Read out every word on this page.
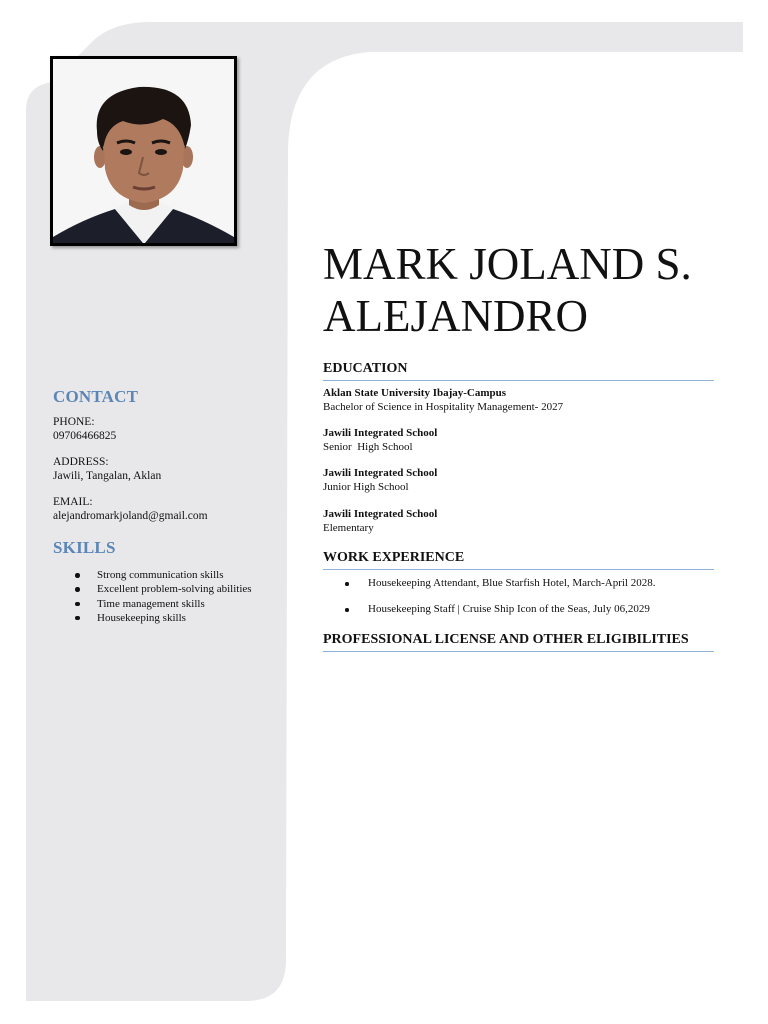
CONTACT
PHONE:
09706466825
ADDRESS:
Jawili, Tangalan, Aklan
EMAIL:
alejandromarkjoland@gmail.com
SKILLS
Strong communication skills
Excellent problem-solving abilities
Time management skills
Housekeeping skills
MARK JOLAND S.
ALEJANDRO
EDUCATION
Aklan State University Ibajay-Campus
Bachelor of Science in Hospitality Management- 2027
Jawili Integrated School
Senior  High School
Jawili Integrated School
Junior High School
Jawili Integrated School
Elementary
WORK EXPERIENCE
Housekeeping Attendant, Blue Starfish Hotel, March-April 2028.
Housekeeping Staff | Cruise Ship Icon of the Seas, July 06,2029
PROFESSIONAL LICENSE AND OTHER ELIGIBILITIES
